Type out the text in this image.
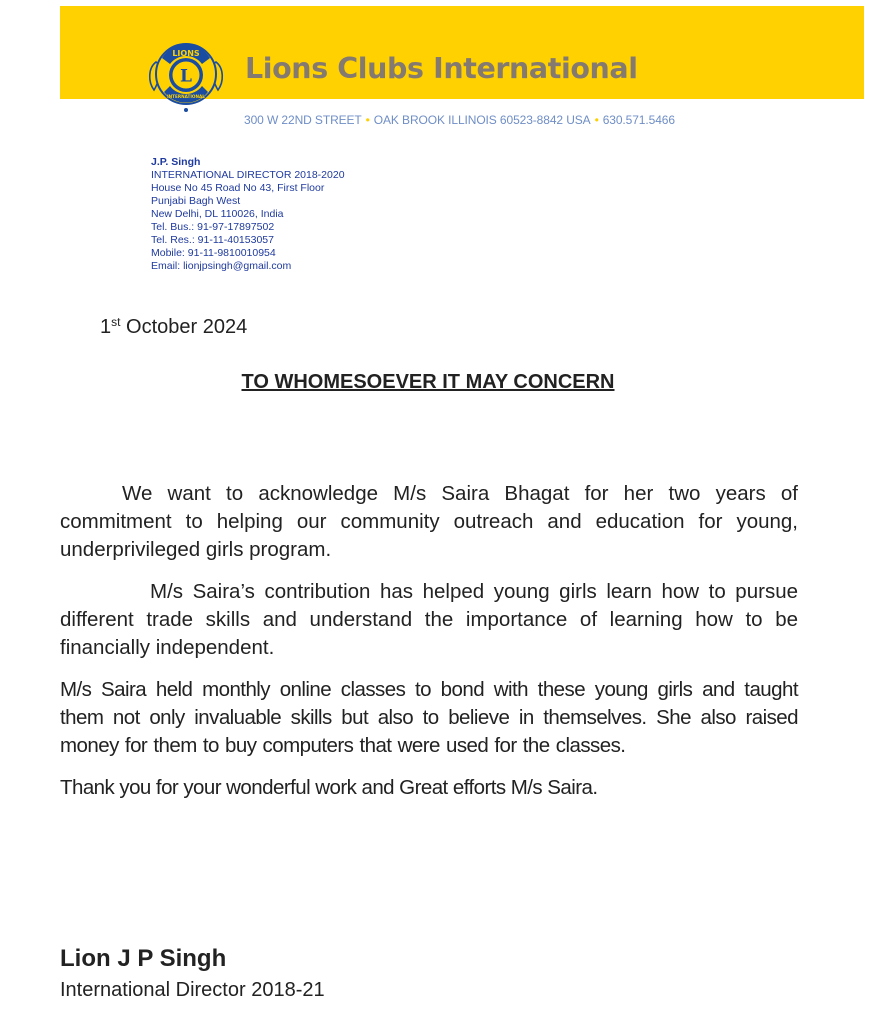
L
LIONS
INTERNATIONAL
Lions Clubs International
300 W 22ND STREET • OAK BROOK ILLINOIS 60523-8842 USA • 630.571.5466
J.P. Singh
INTERNATIONAL DIRECTOR 2018-2020
House No 45 Road No 43, First Floor
Punjabi Bagh West
New Delhi, DL 110026, India
Tel. Bus.: 91-97-17897502
Tel. Res.: 91-11-40153057
Mobile: 91-11-9810010954
Email: lionjpsingh@gmail.com
1st October 2024
TO WHOMESOEVER IT MAY CONCERN

We want to acknowledge M/s Saira Bhagat for her two years of commitment to helping our community outreach and education for young, underprivileged girls program.

M/s Saira’s contribution has helped young girls learn how to pursue different trade skills and understand the importance of learning how to be financially independent.

M/s Saira held monthly online classes to bond with these young girls and taught them not only invaluable skills but also to believe in themselves. She also raised money for them to buy computers that were used for the classes.

Thank you for your wonderful work and Great efforts M/s Saira.

Lion J P Singh
International Director 2018-21
